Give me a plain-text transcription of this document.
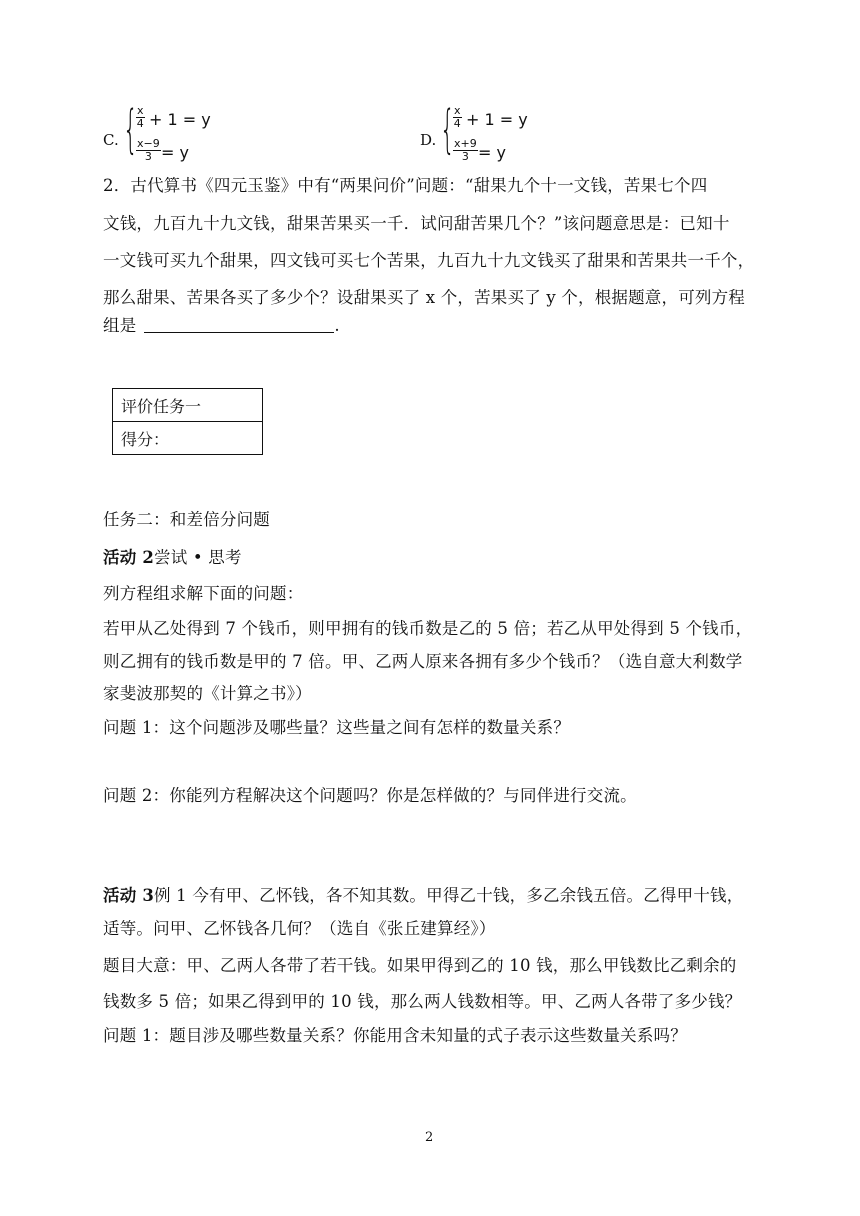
C. {
$\frac{x}{4} + 1 = y$
$\frac{x-9}{3} = y$
D. {
$\frac{x}{4} + 1 = y$
$\frac{x+9}{3} = y$
2．古代算书《四元玉鉴》中有“两果问价”问题：“甜果九个十一文钱，苦果七个四
文钱，九百九十九文钱，甜果苦果买一千．试问甜苦果几个？”该问题意思是：已知十
一文钱可买九个甜果，四文钱可买七个苦果，九百九十九文钱买了甜果和苦果共一千个，
那么甜果、苦果各买了多少个？设甜果买了 x 个，苦果买了 y 个，根据题意，可列方程
组是	.
评价任务一
得分：
任务二：和差倍分问题
活动 2尝试 • 思考
列方程组求解下面的问题：
若甲从乙处得到 7 个钱币，则甲拥有的钱币数是乙的 5 倍；若乙从甲处得到 5 个钱币，
则乙拥有的钱币数是甲的 7 倍。甲、乙两人原来各拥有多少个钱币？（选自意大利数学
家斐波那契的《计算之书》）
问题 1：这个问题涉及哪些量？这些量之间有怎样的数量关系？
问题 2：你能列方程解决这个问题吗？你是怎样做的？与同伴进行交流。
活动 3例 1 今有甲、乙怀钱，各不知其数。甲得乙十钱，多乙余钱五倍。乙得甲十钱，
适等。问甲、乙怀钱各几何？（选自《张丘建算经》）
题目大意：甲、乙两人各带了若干钱。如果甲得到乙的 10 钱，那么甲钱数比乙剩余的
钱数多 5 倍；如果乙得到甲的 10 钱，那么两人钱数相等。甲、乙两人各带了多少钱？
问题 1：题目涉及哪些数量关系？你能用含未知量的式子表示这些数量关系吗？
2
